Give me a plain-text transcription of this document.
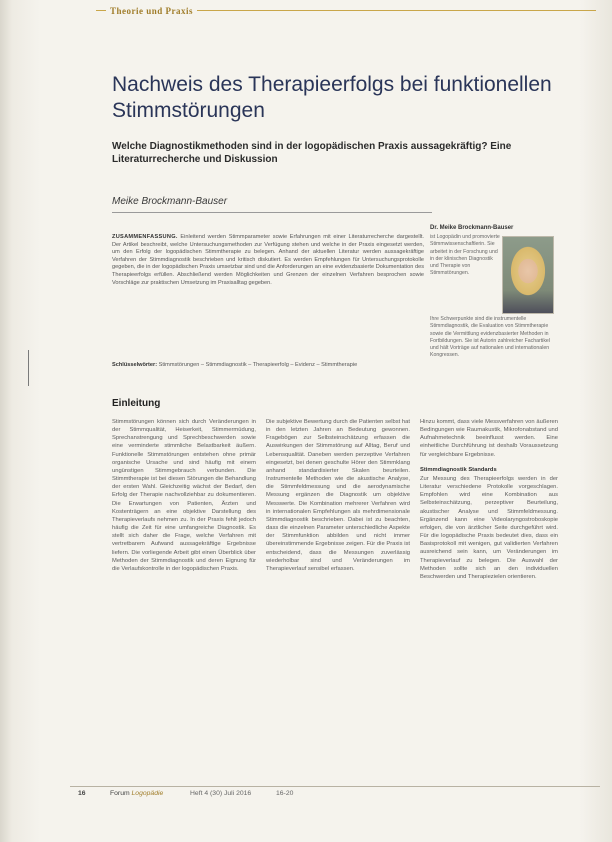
Theorie und Praxis
Nachweis des Therapieerfolgs bei funktionellen Stimmstörungen

Welche Diagnostikmethoden sind in der logopädischen Praxis aussagekräftig? Eine Literaturrecherche und Diskussion

Meike Brockmann-Bauser

ZUSAMMENFASSUNG. Einleitend werden Stimmparameter sowie Erfahrungen mit einer Literaturrecherche dargestellt. Der Artikel beschreibt, welche Untersuchungsmethoden zur Verfügung stehen und welche in der Praxis eingesetzt werden, um den Erfolg der logopädischen Stimmtherapie zu belegen. Anhand der aktuellen Literatur werden aussagekräftige Verfahren der Stimmdiagnostik beschrieben und kritisch diskutiert. Es werden Empfehlungen für Untersuchungsprotokolle gegeben, die in der logopädischen Praxis umsetzbar sind und die Anforderungen an eine evidenzbasierte Dokumentation des Therapieerfolgs erfüllen. Abschließend werden Möglichkeiten und Grenzen der einzelnen Verfahren besprochen sowie Vorschläge zur praktischen Umsetzung im Praxisalltag gegeben.

Schlüsselwörter: Stimmstörungen – Stimmdiagnostik – Therapieerfolg – Evidenz – Stimmtherapie
Dr. Meike Brockmann-Bauser
ist Logopädin und promovierte Stimmwissenschaftlerin. Sie arbeitet in der Forschung und in der klinischen Diagnostik und Therapie von Stimmstörungen.
Ihre Schwerpunkte sind die instrumentelle Stimmdiagnostik, die Evaluation von Stimmtherapie sowie die Vermittlung evidenzbasierter Methoden in Fortbildungen. Sie ist Autorin zahlreicher Fachartikel und hält Vorträge auf nationalen und internationalen Kongressen.
Einleitung

Stimmstörungen können sich durch Veränderungen in der Stimmqualität, Heiserkeit, Stimmermüdung, Sprechanstrengung und Sprechbeschwerden sowie eine verminderte stimmliche Belastbarkeit äußern. Funktionelle Stimmstörungen entstehen ohne primär organische Ursache und sind häufig mit einem ungünstigen Stimmgebrauch verbunden. Die Stimmtherapie ist bei diesen Störungen die Behandlung der ersten Wahl. Gleichzeitig wächst der Bedarf, den Erfolg der Therapie nachvollziehbar zu dokumentieren. Die Erwartungen von Patienten, Ärzten und Kostenträgern an eine objektive Darstellung des Therapieverlaufs nehmen zu. In der Praxis fehlt jedoch häufig die Zeit für eine umfangreiche Diagnostik. Es stellt sich daher die Frage, welche Verfahren mit vertretbarem Aufwand aussagekräftige Ergebnisse liefern. Die vorliegende Arbeit gibt einen Überblick über Methoden der Stimmdiagnostik und deren Eignung für die Verlaufskontrolle in der logopädischen Praxis.

Die subjektive Bewertung durch die Patienten selbst hat in den letzten Jahren an Bedeutung gewonnen. Fragebögen zur Selbsteinschätzung erfassen die Auswirkungen der Stimmstörung auf Alltag, Beruf und Lebensqualität. Daneben werden perzeptive Verfahren eingesetzt, bei denen geschulte Hörer den Stimmklang anhand standardisierter Skalen beurteilen. Instrumentelle Methoden wie die akustische Analyse, die Stimmfeldmessung und die aerodynamische Messung ergänzen die Diagnostik um objektive Messwerte. Die Kombination mehrerer Verfahren wird in internationalen Empfehlungen als mehrdimensionale Stimmdiagnostik beschrieben. Dabei ist zu beachten, dass die einzelnen Parameter unterschiedliche Aspekte der Stimmfunktion abbilden und nicht immer übereinstimmende Ergebnisse zeigen. Für die Praxis ist entscheidend, dass die Messungen zuverlässig wiederholbar sind und Veränderungen im Therapieverlauf sensibel erfassen.

Hinzu kommt, dass viele Messverfahren von äußeren Bedingungen wie Raumakustik, Mikrofonabstand und Aufnahmetechnik beeinflusst werden. Eine einheitliche Durchführung ist deshalb Voraussetzung für vergleichbare Ergebnisse.
Stimmdiagnostik Standards
Zur Messung des Therapieerfolgs werden in der Literatur verschiedene Protokolle vorgeschlagen. Empfohlen wird eine Kombination aus Selbsteinschätzung, perzeptiver Beurteilung, akustischer Analyse und Stimmfeldmessung. Ergänzend kann eine Videolaryngostroboskopie erfolgen, die von ärztlicher Seite durchgeführt wird. Für die logopädische Praxis bedeutet dies, dass ein Basisprotokoll mit wenigen, gut validierten Verfahren ausreichend sein kann, um Veränderungen im Therapieverlauf zu belegen. Die Auswahl der Methoden sollte sich an den individuellen Beschwerden und Therapiezielen orientieren.
16	Forum Logopädie	Heft 4 (30) Juli 2016	16-20
